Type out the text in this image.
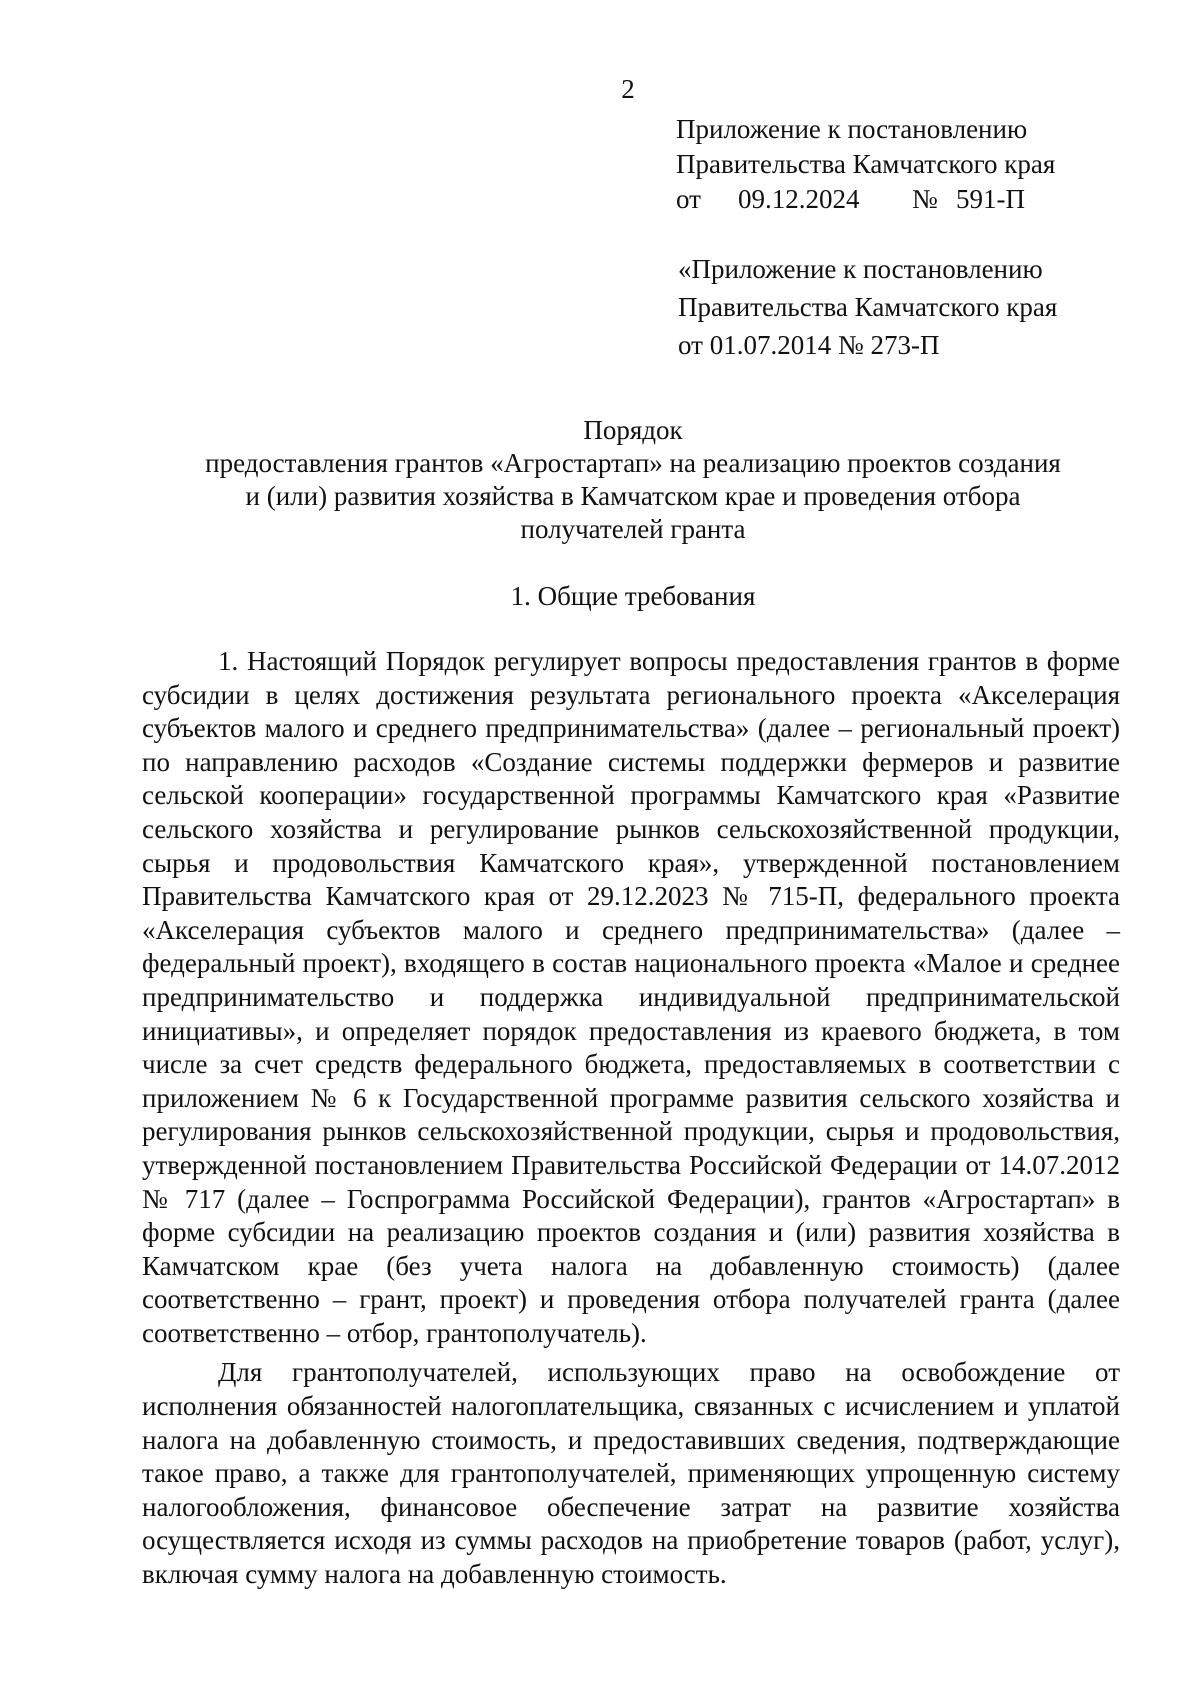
2
Приложение к постановлению
Правительства Камчатского края
от 09.12.2024 № 591-П
«Приложение к постановлению
Правительства Камчатского края
от 01.07.2014 № 273-П
Порядок
предоставления грантов «Агростартап» на реализацию проектов создания
и (или) развития хозяйства в Камчатском крае и проведения отбора
получателей гранта
1. Общие требования

1. Настоящий Порядок регулирует вопросы предоставления грантов в форме субсидии в целях достижения результата регионального проекта «Акселерация субъектов малого и среднего предпринимательства» (далее – региональный проект) по направлению расходов «Создание системы поддержки фермеров и развитие сельской кооперации» государственной программы Камчатского края «Развитие сельского хозяйства и регулирование рынков сельскохозяйственной продукции, сырья и продовольствия Камчатского края», утвержденной постановлением Правительства Камчатского края от 29.12.2023 № 715-П, федерального проекта «Акселерация субъектов малого и среднего предпринимательства» (далее – федеральный проект), входящего в состав национального проекта «Малое и среднее предпринимательство и поддержка индивидуальной предпринимательской инициативы», и определяет порядок предоставления из краевого бюджета, в том числе за счет средств федерального бюджета, предоставляемых в соответствии с приложением № 6 к Государственной программе развития сельского хозяйства и регулирования рынков сельскохозяйственной продукции, сырья и продовольствия, утвержденной постановлением Правительства Российской Федерации от 14.07.2012 № 717 (далее – Госпрограмма Российской Федерации), грантов «Агростартап» в форме субсидии на реализацию проектов создания и (или) развития хозяйства в Камчатском крае (без учета налога на добавленную стоимость) (далее соответственно – грант, проект) и проведения отбора получателей гранта (далее соответственно – отбор, грантополучатель).

Для грантополучателей, использующих право на освобождение от исполнения обязанностей налогоплательщика, связанных с исчислением и уплатой налога на добавленную стоимость, и предоставивших сведения, подтверждающие такое право, а также для грантополучателей, применяющих упрощенную систему налогообложения, финансовое обеспечение затрат на развитие хозяйства осуществляется исходя из суммы расходов на приобретение товаров (работ, услуг), включая сумму налога на добавленную стоимость.
